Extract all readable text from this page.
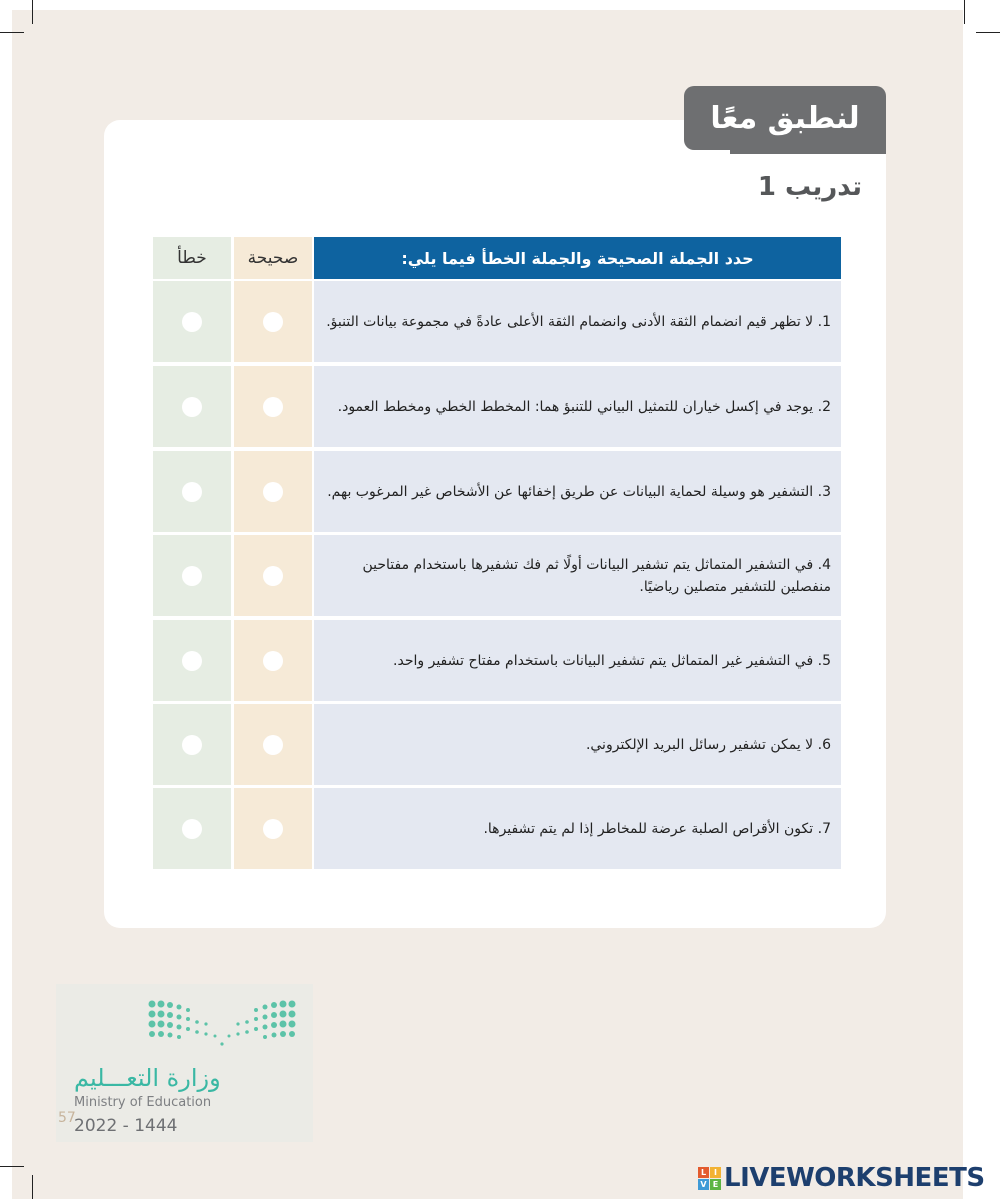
لنطبق معًا
تدريب 1
خطأ	صحيحة	حدد الجملة الصحيحة والجملة الخطأ فيما يلي:
1. لا تظهر قيم انضمام الثقة الأدنى وانضمام الثقة الأعلى عادةً في مجموعة بيانات التنبؤ.
2. يوجد في إكسل خياران للتمثيل البياني للتنبؤ هما: المخطط الخطي ومخطط العمود.
3. التشفير هو وسيلة لحماية البيانات عن طريق إخفائها عن الأشخاص غير المرغوب بهم.
4. في التشفير المتماثل يتم تشفير البيانات أولًا ثم فك تشفيرها باستخدام مفتاحين منفصلين للتشفير متصلين رياضيًا.
5. في التشفير غير المتماثل يتم تشفير البيانات باستخدام مفتاح تشفير واحد.
6. لا يمكن تشفير رسائل البريد الإلكتروني.
7. تكون الأقراص الصلبة عرضة للمخاطر إذا لم يتم تشفيرها.
وزارة التعـــليم
Ministry of Education
2022 - 1444
57
L I
V E LIVEWORKSHEETS
